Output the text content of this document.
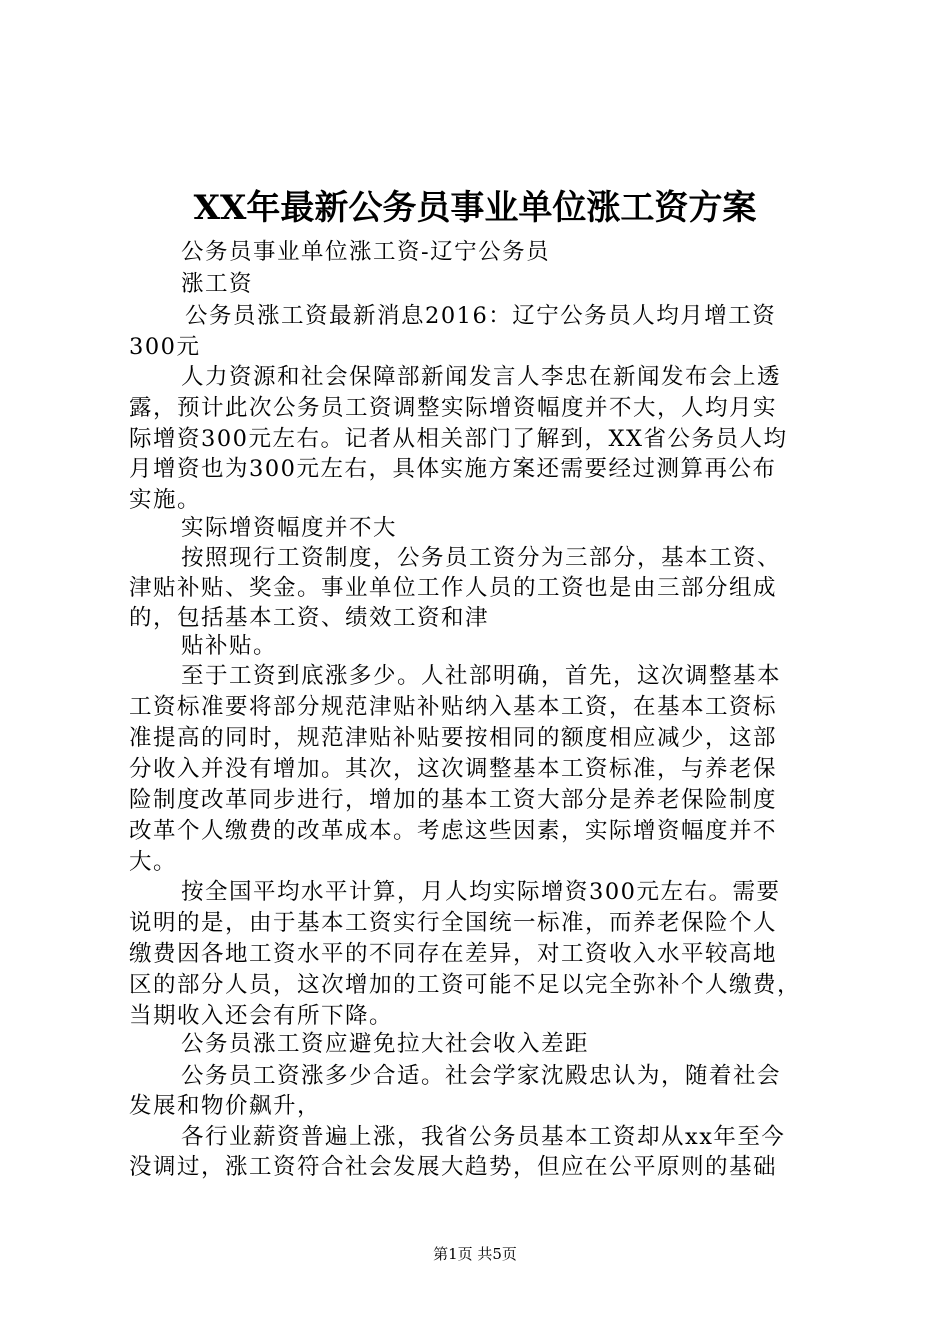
XX年最新公务员事业单位涨工资方案
公务员事业单位涨工资-辽宁公务员
涨工资
公务员涨工资最新消息2016：辽宁公务员人均月增工资
300元
人力资源和社会保障部新闻发言人李忠在新闻发布会上透
露，预计此次公务员工资调整实际增资幅度并不大，人均月实
际增资300元左右。记者从相关部门了解到，XX省公务员人均
月增资也为300元左右，具体实施方案还需要经过测算再公布
实施。
实际增资幅度并不大
按照现行工资制度，公务员工资分为三部分，基本工资、
津贴补贴、奖金。事业单位工作人员的工资也是由三部分组成
的，包括基本工资、绩效工资和津
贴补贴。
至于工资到底涨多少。人社部明确，首先，这次调整基本
工资标准要将部分规范津贴补贴纳入基本工资，在基本工资标
准提高的同时，规范津贴补贴要按相同的额度相应减少，这部
分收入并没有增加。其次，这次调整基本工资标准，与养老保
险制度改革同步进行，增加的基本工资大部分是养老保险制度
改革个人缴费的改革成本。考虑这些因素，实际增资幅度并不
大。
按全国平均水平计算，月人均实际增资300元左右。需要
说明的是，由于基本工资实行全国统一标准，而养老保险个人
缴费因各地工资水平的不同存在差异，对工资收入水平较高地
区的部分人员，这次增加的工资可能不足以完全弥补个人缴费，
当期收入还会有所下降。
公务员涨工资应避免拉大社会收入差距
公务员工资涨多少合适。社会学家沈殿忠认为，随着社会
发展和物价飙升，
各行业薪资普遍上涨，我省公务员基本工资却从xx年至今
没调过，涨工资符合社会发展大趋势，但应在公平原则的基础
第1页 共5页
